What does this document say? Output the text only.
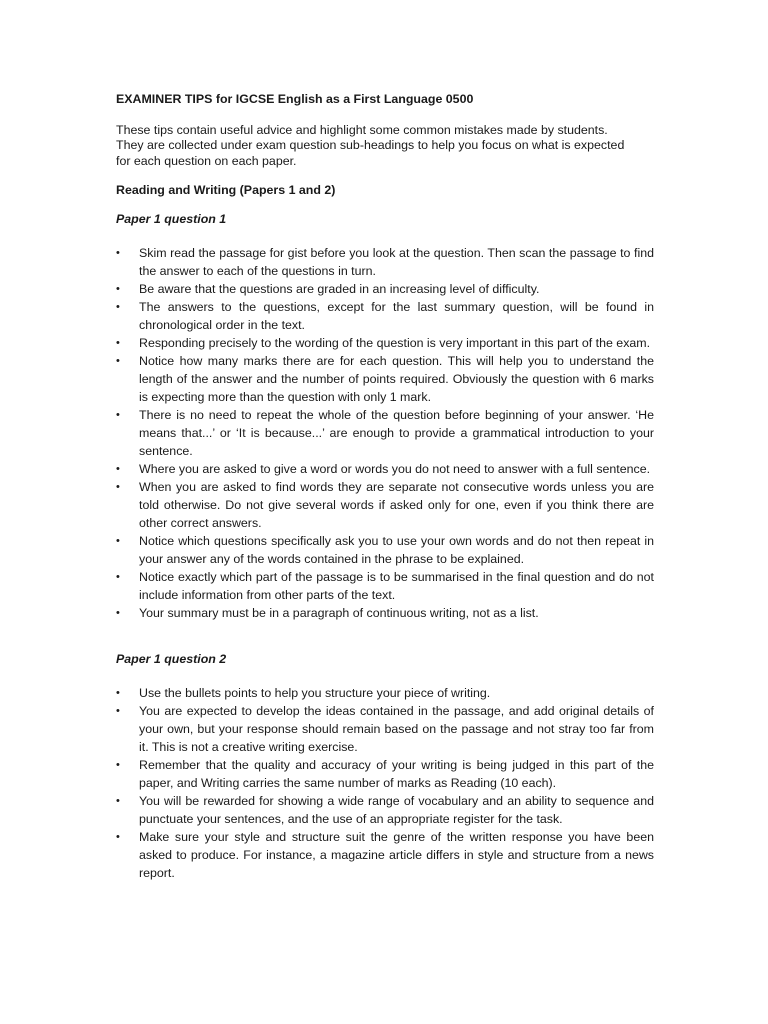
EXAMINER TIPS for IGCSE English as a First Language 0500

These tips contain useful advice and highlight some common mistakes made by students.
They are collected under exam question sub-headings to help you focus on what is expected
for each question on each paper.

Reading and Writing (Papers 1 and 2)

Paper 1 question 1

•	Skim read the passage for gist before you look at the question. Then scan the passage to find the answer to each of the questions in turn.
•	Be aware that the questions are graded in an increasing level of difficulty.
•	The answers to the questions, except for the last summary question, will be found in chronological order in the text.
•	Responding precisely to the wording of the question is very important in this part of the exam.
•	Notice how many marks there are for each question. This will help you to understand the length of the answer and the number of points required. Obviously the question with 6 marks is expecting more than the question with only 1 mark.
•	There is no need to repeat the whole of the question before beginning of your answer. ‘He means that...’ or ‘It is because...’ are enough to provide a grammatical introduction to your sentence.
•	Where you are asked to give a word or words you do not need to answer with a full sentence.
•	When you are asked to find words they are separate not consecutive words unless you are told otherwise. Do not give several words if asked only for one, even if you think there are other correct answers.
•	Notice which questions specifically ask you to use your own words and do not then repeat in your answer any of the words contained in the phrase to be explained.
•	Notice exactly which part of the passage is to be summarised in the final question and do not include information from other parts of the text.
•	Your summary must be in a paragraph of continuous writing, not as a list.

Paper 1 question 2

•	Use the bullets points to help you structure your piece of writing.
•	You are expected to develop the ideas contained in the passage, and add original details of your own, but your response should remain based on the passage and not stray too far from it. This is not a creative writing exercise.
•	Remember that the quality and accuracy of your writing is being judged in this part of the paper, and Writing carries the same number of marks as Reading (10 each).
•	You will be rewarded for showing a wide range of vocabulary and an ability to sequence and punctuate your sentences, and the use of an appropriate register for the task.
•	Make sure your style and structure suit the genre of the written response you have been asked to produce. For instance, a magazine article differs in style and structure from a news report.
